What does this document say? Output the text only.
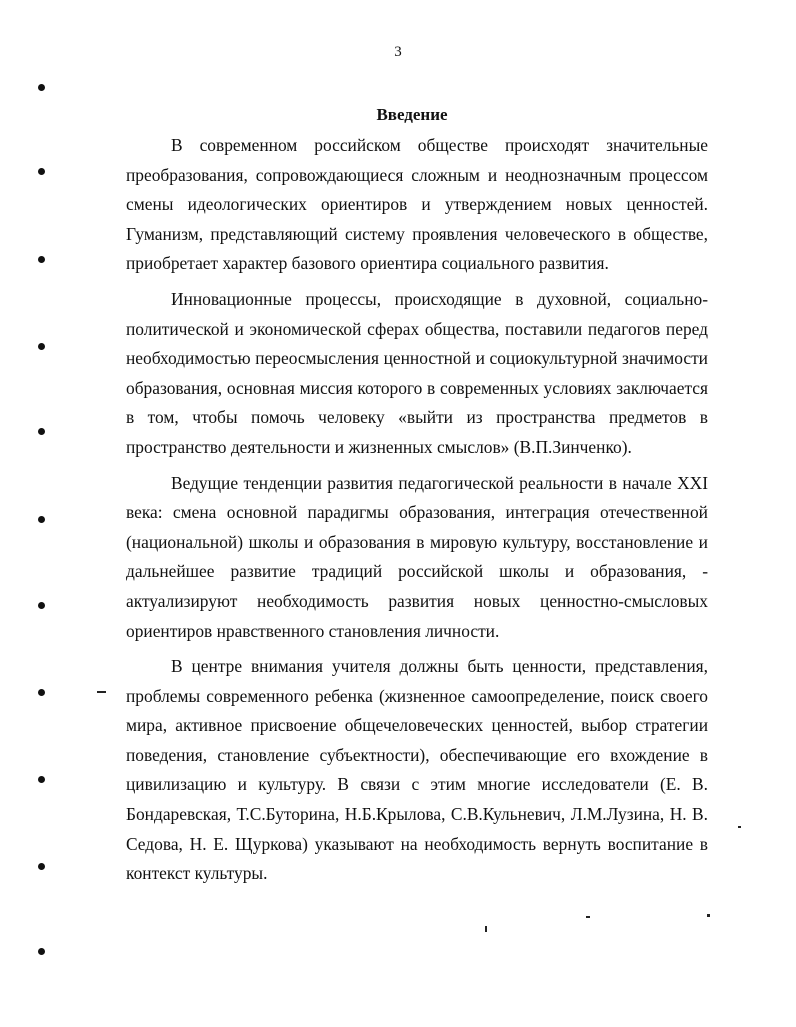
3
Введение

В современном российском обществе происходят значительные преобразования, сопровождающиеся сложным и неоднозначным процессом смены идеологических ориентиров и утверждением новых ценностей. Гуманизм, представляющий систему проявления человеческого в обществе, приобретает характер базового ориентира социального развития.

Инновационные процессы, происходящие в духовной, социально-политической и экономической сферах общества, поставили педагогов перед необходимостью переосмысления ценностной и социокультурной значимости образования, основная миссия которого в современных условиях заключается в том, чтобы помочь человеку «выйти из пространства предметов в пространство деятельности и жизненных смыслов» (В.П.Зинченко).

Ведущие тенденции развития педагогической реальности в начале XXI века: смена основной парадигмы образования, интеграция отечественной (национальной) школы и образования в мировую культуру, восстановление и дальнейшее развитие традиций российской школы и образования, - актуализируют необходимость развития новых ценностно-смысловых ориентиров нравственного становления личности.

В центре внимания учителя должны быть ценности, представления, проблемы современного ребенка (жизненное самоопределение, поиск своего мира, активное присвоение общечеловеческих ценностей, выбор стратегии поведения, становление субъектности), обеспечивающие его вхождение в цивилизацию и культуру. В связи с этим многие исследователи (Е. В. Бондаревская, Т.С.Буторина, Н.Б.Крылова, С.В.Кульневич, Л.М.Лузина, Н. В. Седова, Н. Е. Щуркова) указывают на необходимость вернуть воспитание в контекст культуры.
